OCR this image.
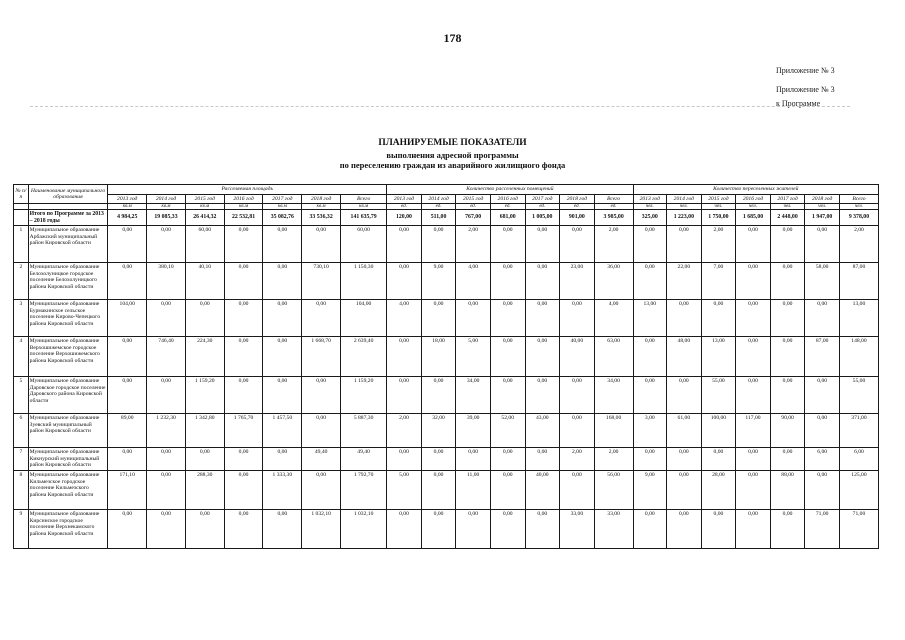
178
Приложение № 3
Приложение № 3
к Программе
ПЛАНИРУЕМЫЕ ПОКАЗАТЕЛИ
выполнения адресной программы
по переселению граждан из аварийного жилищного фонда
№ п/п	Наименование муниципального образования	Расселяемая площадь							Количество расселенных помещений							Количество переселенных жителей						
		2013 год	2014 год	2015 год	2016 год	2017 год	2018 год	Всего	2013 год	2014 год	2015 год	2016 год	2017 год	2018 год	Всего	2013 год	2014 год	2015 год	2016 год	2017 год	2018 год	Всего
		кв.м	кв.м	кв.м	кв.м	кв.м	кв.м	кв.м	ед.	ед.	ед.	ед.	ед.	ед.	ед.	чел.	чел.	чел.	чел.	чел.	чел.	чел.
	Итого по Программе за 2013 – 2018 годы	4 984,25	19 085,33	26 414,32	22 532,81	35 082,76	33 536,32	141 635,79	120,00	511,00	767,00	681,00	1 005,00	901,00	3 985,00	325,00	1 223,00	1 750,00	1 685,00	2 448,00	1 947,00	9 378,00
1	Муниципальное образование Арбажский муниципальный район Кировской области	0,00	0,00	60,00	0,00	0,00	0,00	60,00	0,00	0,00	2,00	0,00	0,00	0,00	2,00	0,00	0,00	2,00	0,00	0,00	0,00	2,00
2	Муниципальное образование Белохолуницкое городское поселение Белохолуницкого района Кировской области	0,00	380,10	40,10	0,00	0,00	730,10	1 150,30	0,00	9,00	4,00	0,00	0,00	23,00	36,00	0,00	22,00	7,00	0,00	0,00	58,00	87,00
3	Муниципальное образование Бурмакинское сельское поселение Кирово-Чепецкого района Кировской области	104,00	0,00	0,00	0,00	0,00	0,00	104,00	4,00	0,00	0,00	0,00	0,00	0,00	4,00	13,00	0,00	0,00	0,00	0,00	0,00	13,00
4	Муниципальное образование Верхошижемское городское поселение Верхошижемского района Кировской области	0,00	746,40	224,30	0,00	0,00	1 668,70	2 639,40	0,00	18,00	5,00	0,00	0,00	40,00	63,00	0,00	48,00	13,00	0,00	0,00	87,00	148,00
5	Муниципальное образование Даровское городское поселение Даровского района Кировской области	0,00	0,00	1 159,20	0,00	0,00	0,00	1 159,20	0,00	0,00	34,00	0,00	0,00	0,00	34,00	0,00	0,00	55,00	0,00	0,00	0,00	55,00
6	Муниципальное образование Зуевский муниципальный район Кировской области	89,00	1 232,30	1 342,80	1 765,70	1 457,50	0,00	5 887,30	2,00	32,00	39,00	52,00	43,00	0,00	168,00	3,00	61,00	100,00	117,00	90,00	0,00	371,00
7	Муниципальное образование Кикнурский муниципальный район Кировской области	0,00	0,00	0,00	0,00	0,00	49,40	49,40	0,00	0,00	0,00	0,00	0,00	2,00	2,00	0,00	0,00	0,00	0,00	0,00	6,00	6,00
8	Муниципальное образование Кильмезское городское поселение Кильмезского района Кировской области	171,10	0,00	288,30	0,00	1 333,30	0,00	1 792,70	5,00	0,00	11,00	0,00	40,00	0,00	56,00	9,00	0,00	28,00	0,00	88,00	0,00	125,00
9	Муниципальное образование Кирсинское городское поселение Верхнекамского района Кировской области	0,00	0,00	0,00	0,00	0,00	1 032,10	1 032,10	0,00	0,00	0,00	0,00	0,00	33,00	33,00	0,00	0,00	0,00	0,00	0,00	71,00	71,00
